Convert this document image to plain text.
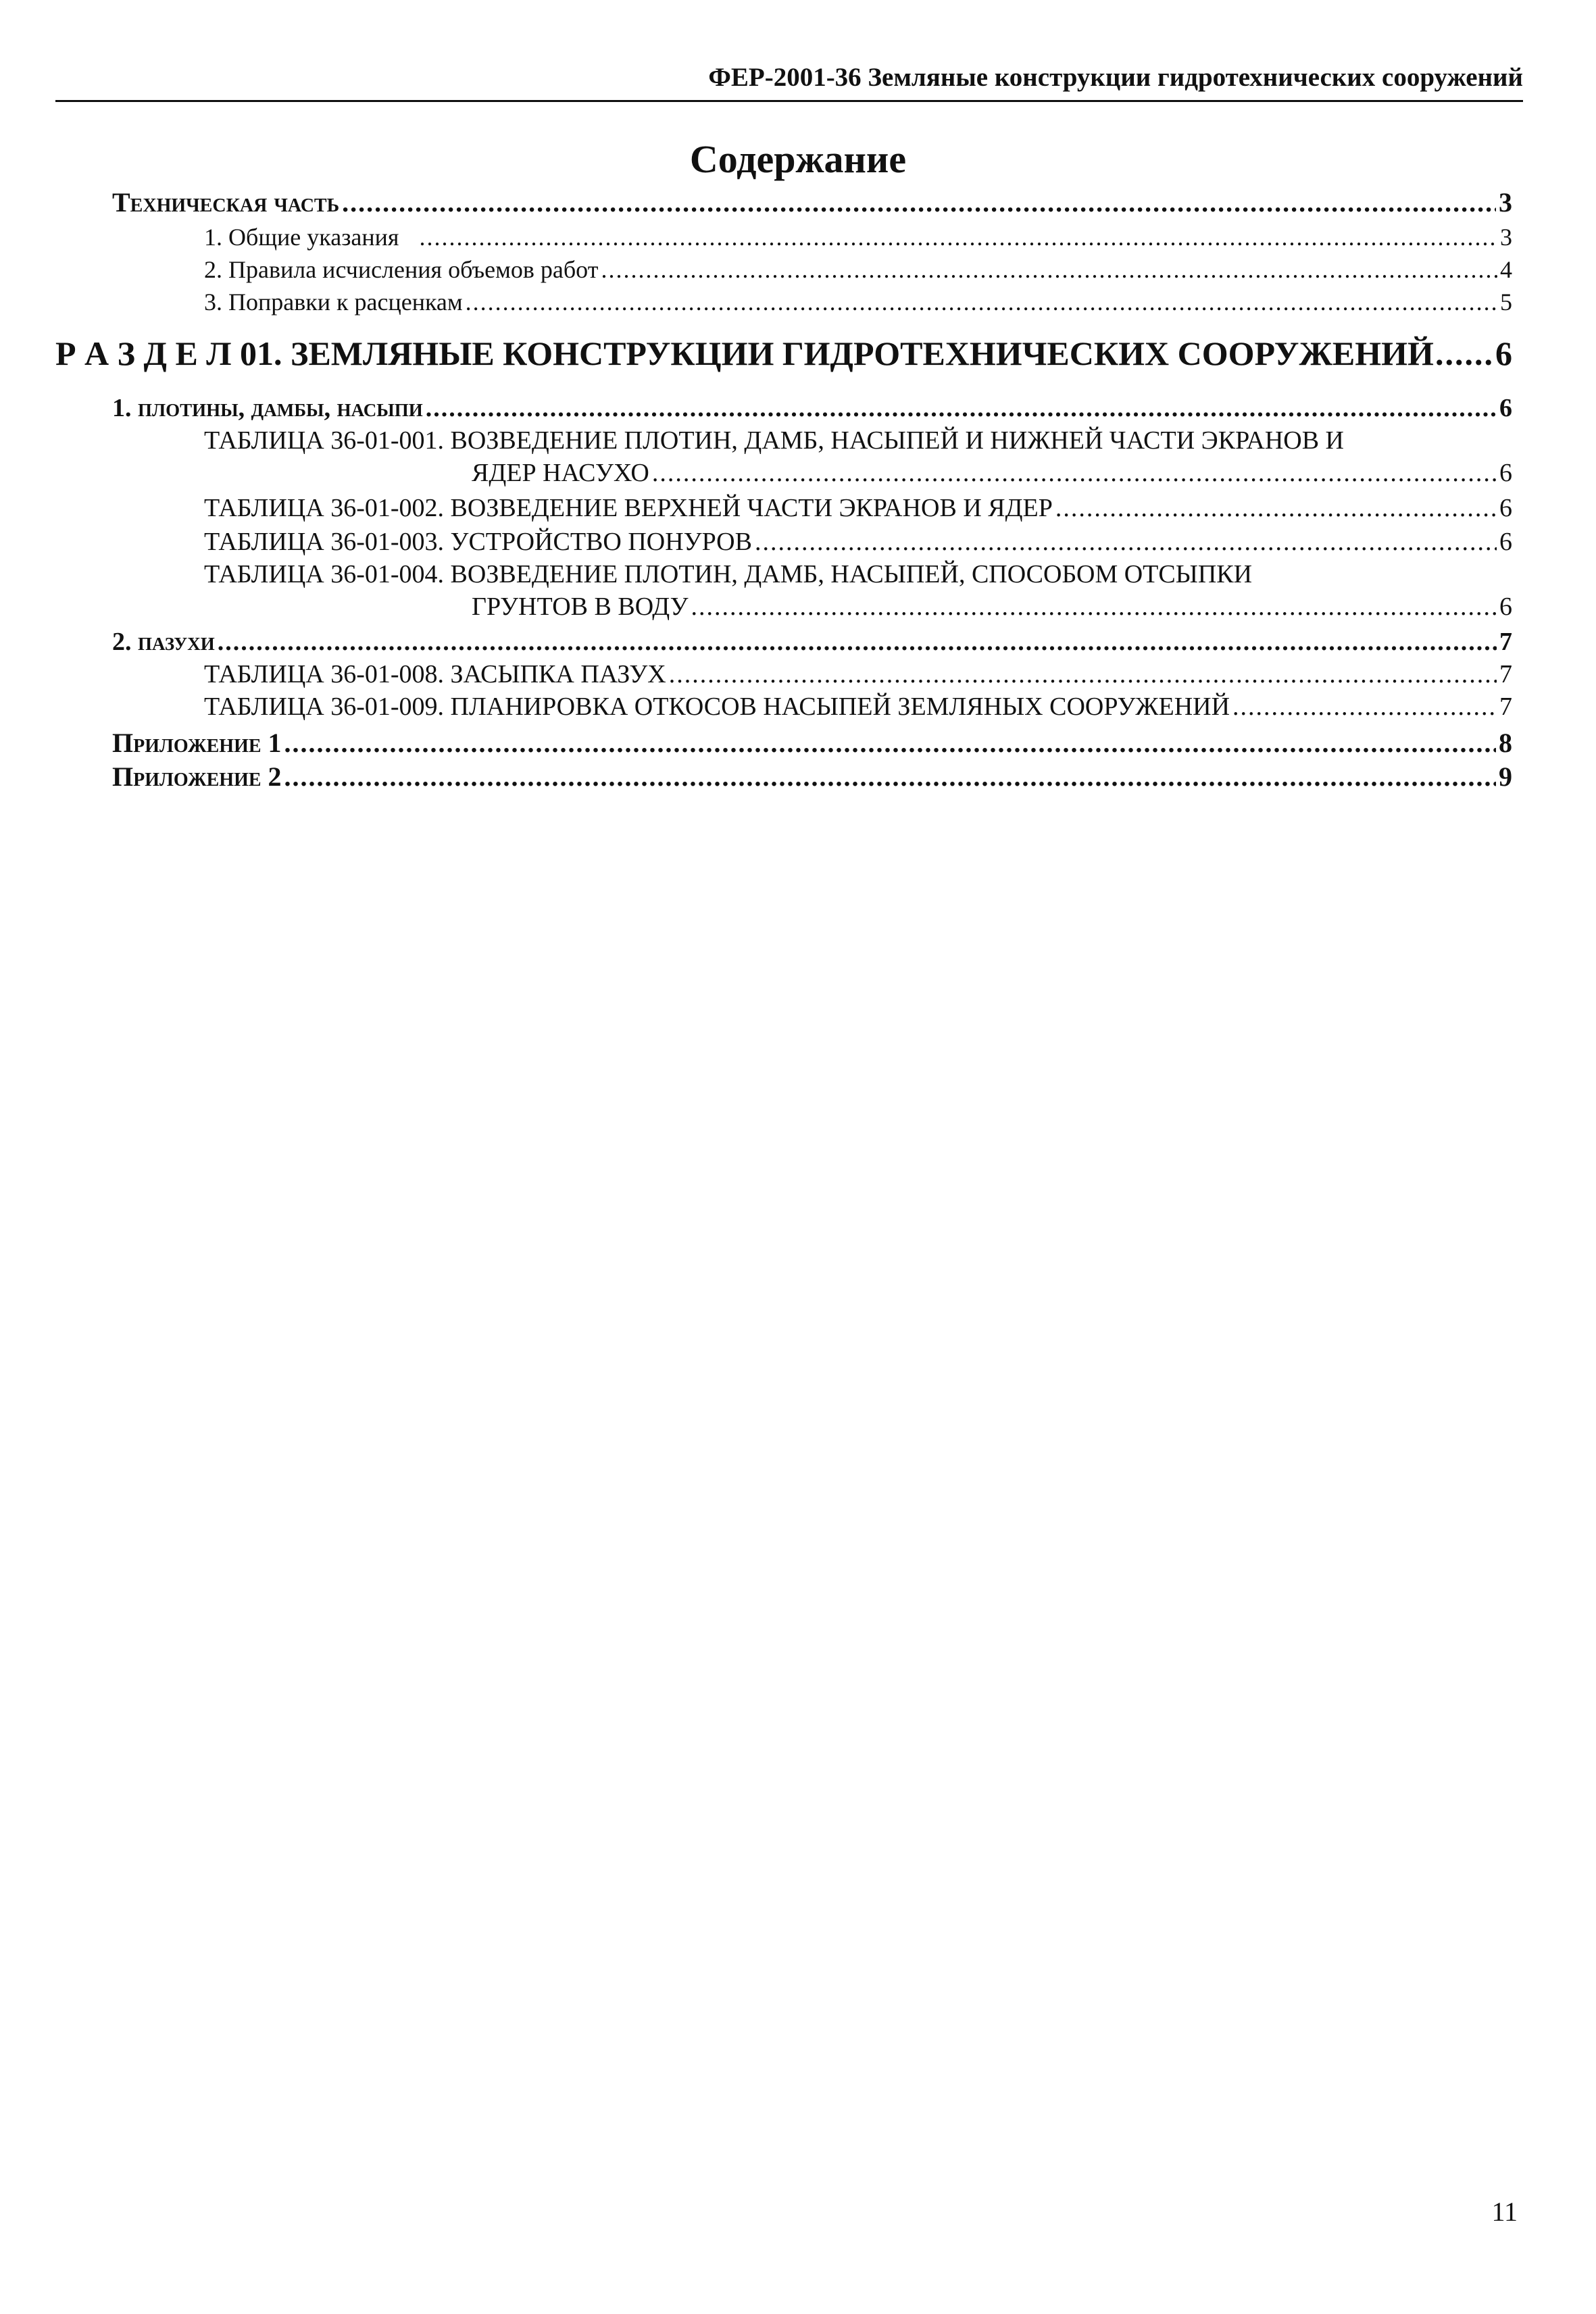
ФЕР-2001-36 Земляные конструкции гидротехнических сооружений
Содержание
Техническая часть .....	3
1. Общие указания .....	3
2. Правила исчисления объемов работ .....	4
3. Поправки к расценкам .....	5
Р А З Д Е Л 01. ЗЕМЛЯНЫЕ КОНСТРУКЦИИ ГИДРОТЕХНИЧЕСКИХ СООРУЖЕНИЙ ..... 6
1. плотины, дамбы, насыпи .....	6
ТАБЛИЦА 36-01-001. ВОЗВЕДЕНИЕ ПЛОТИН, ДАМБ, НАСЫПЕЙ И НИЖНЕЙ ЧАСТИ ЭКРАНОВ И
ЯДЕР НАСУХО .....	6
ТАБЛИЦА 36-01-002. ВОЗВЕДЕНИЕ ВЕРХНЕЙ ЧАСТИ ЭКРАНОВ И ЯДЕР .....	6
ТАБЛИЦА 36-01-003. УСТРОЙСТВО ПОНУРОВ .....	6
ТАБЛИЦА 36-01-004. ВОЗВЕДЕНИЕ ПЛОТИН, ДАМБ, НАСЫПЕЙ, СПОСОБОМ ОТСЫПКИ
ГРУНТОВ В ВОДУ .....	6
2. пазухи .....	7
ТАБЛИЦА 36-01-008. ЗАСЫПКА ПАЗУХ .....	7
ТАБЛИЦА 36-01-009. ПЛАНИРОВКА ОТКОСОВ НАСЫПЕЙ ЗЕМЛЯНЫХ СООРУЖЕНИЙ .....	7
Приложение 1 .....	8
Приложение 2 .....	9
11
